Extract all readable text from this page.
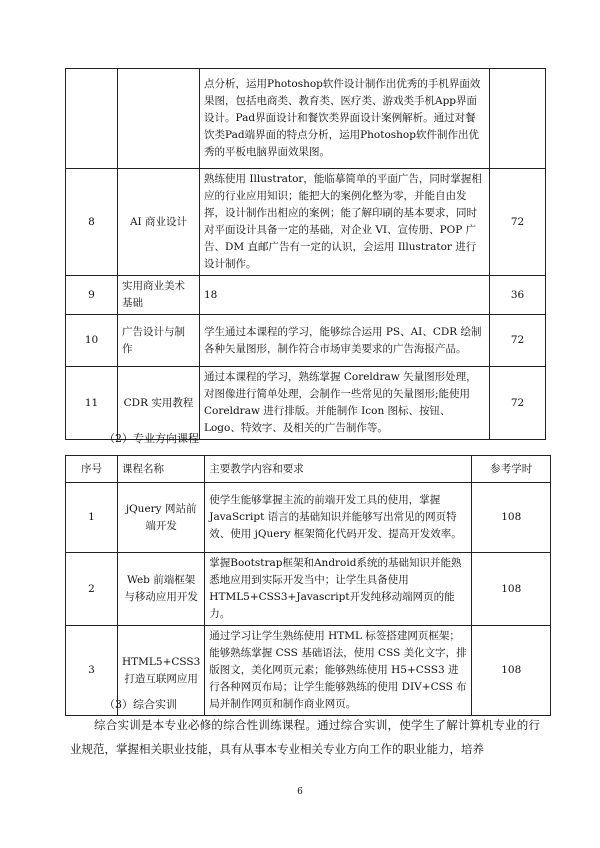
		点分析，运用Photoshop软件设计制作出优秀的手机界面效果图，包括电商类、教育类、医疗类、游戏类手机App界面设计。Pad界面设计和餐饮类界面设计案例解析。通过对餐饮类Pad端界面的特点分析，运用Photoshop软件制作出优秀的平板电脑界面效果图。	
8	AI 商业设计	熟练使用 Illustrator，能临摹简单的平面广告，同时掌握相应的行业应用知识；能把大的案例化整为零，并能自由发挥，设计制作出相应的案例；能了解印刷的基本要求，同时对平面设计具备一定的基础，对企业 VI、宣传册、POP 广告、DM 直邮广告有一定的认识，会运用 Illustrator 进行设计制作。	72
9	实用商业美术基础	18	36
10	广告设计与制作	学生通过本课程的学习，能够综合运用 PS、AI、CDR 绘制各种矢量图形，制作符合市场审美要求的广告海报产品。	72
11	CDR 实用教程	通过本课程的学习，熟练掌握 Coreldraw 矢量图形处理，对图像进行简单处理，会制作一些常见的矢量图形;能使用 Coreldraw 进行排版。并能制作 Icon 图标、按钮、Logo、特效字、及相关的广告制作等。	72
（2）专业方向课程
序号	课程名称	主要教学内容和要求	参考学时
1	jQuery 网站前端开发	使学生能够掌握主流的前端开发工具的使用，掌握 JavaScript 语言的基础知识并能够写出常见的网页特效、使用 jQuery 框架简化代码开发、提高开发效率。	108
2	Web 前端框架与移动应用开发	掌握Bootstrap框架和Android系统的基础知识并能熟悉地应用到实际开发当中；让学生具备使用HTML5+CSS3+Javascript开发纯移动端网页的能力。	108
3	HTML5+CSS3 打造互联网应用	通过学习让学生熟练使用 HTML 标签搭建网页框架；能够熟练掌握 CSS 基础语法，使用 CSS 美化文字，排版图文，美化网页元素；能够熟练使用 H5+CSS3 进行各种网页布局；让学生能够熟练的使用 DIV+CSS 布局并制作网页和制作商业网页。	108
（3）综合实训
综合实训是本专业必修的综合性训练课程。通过综合实训，使学生了解计算机专业的行业规范，掌握相关职业技能，具有从事本专业相关专业方向工作的职业能力，培养
6
